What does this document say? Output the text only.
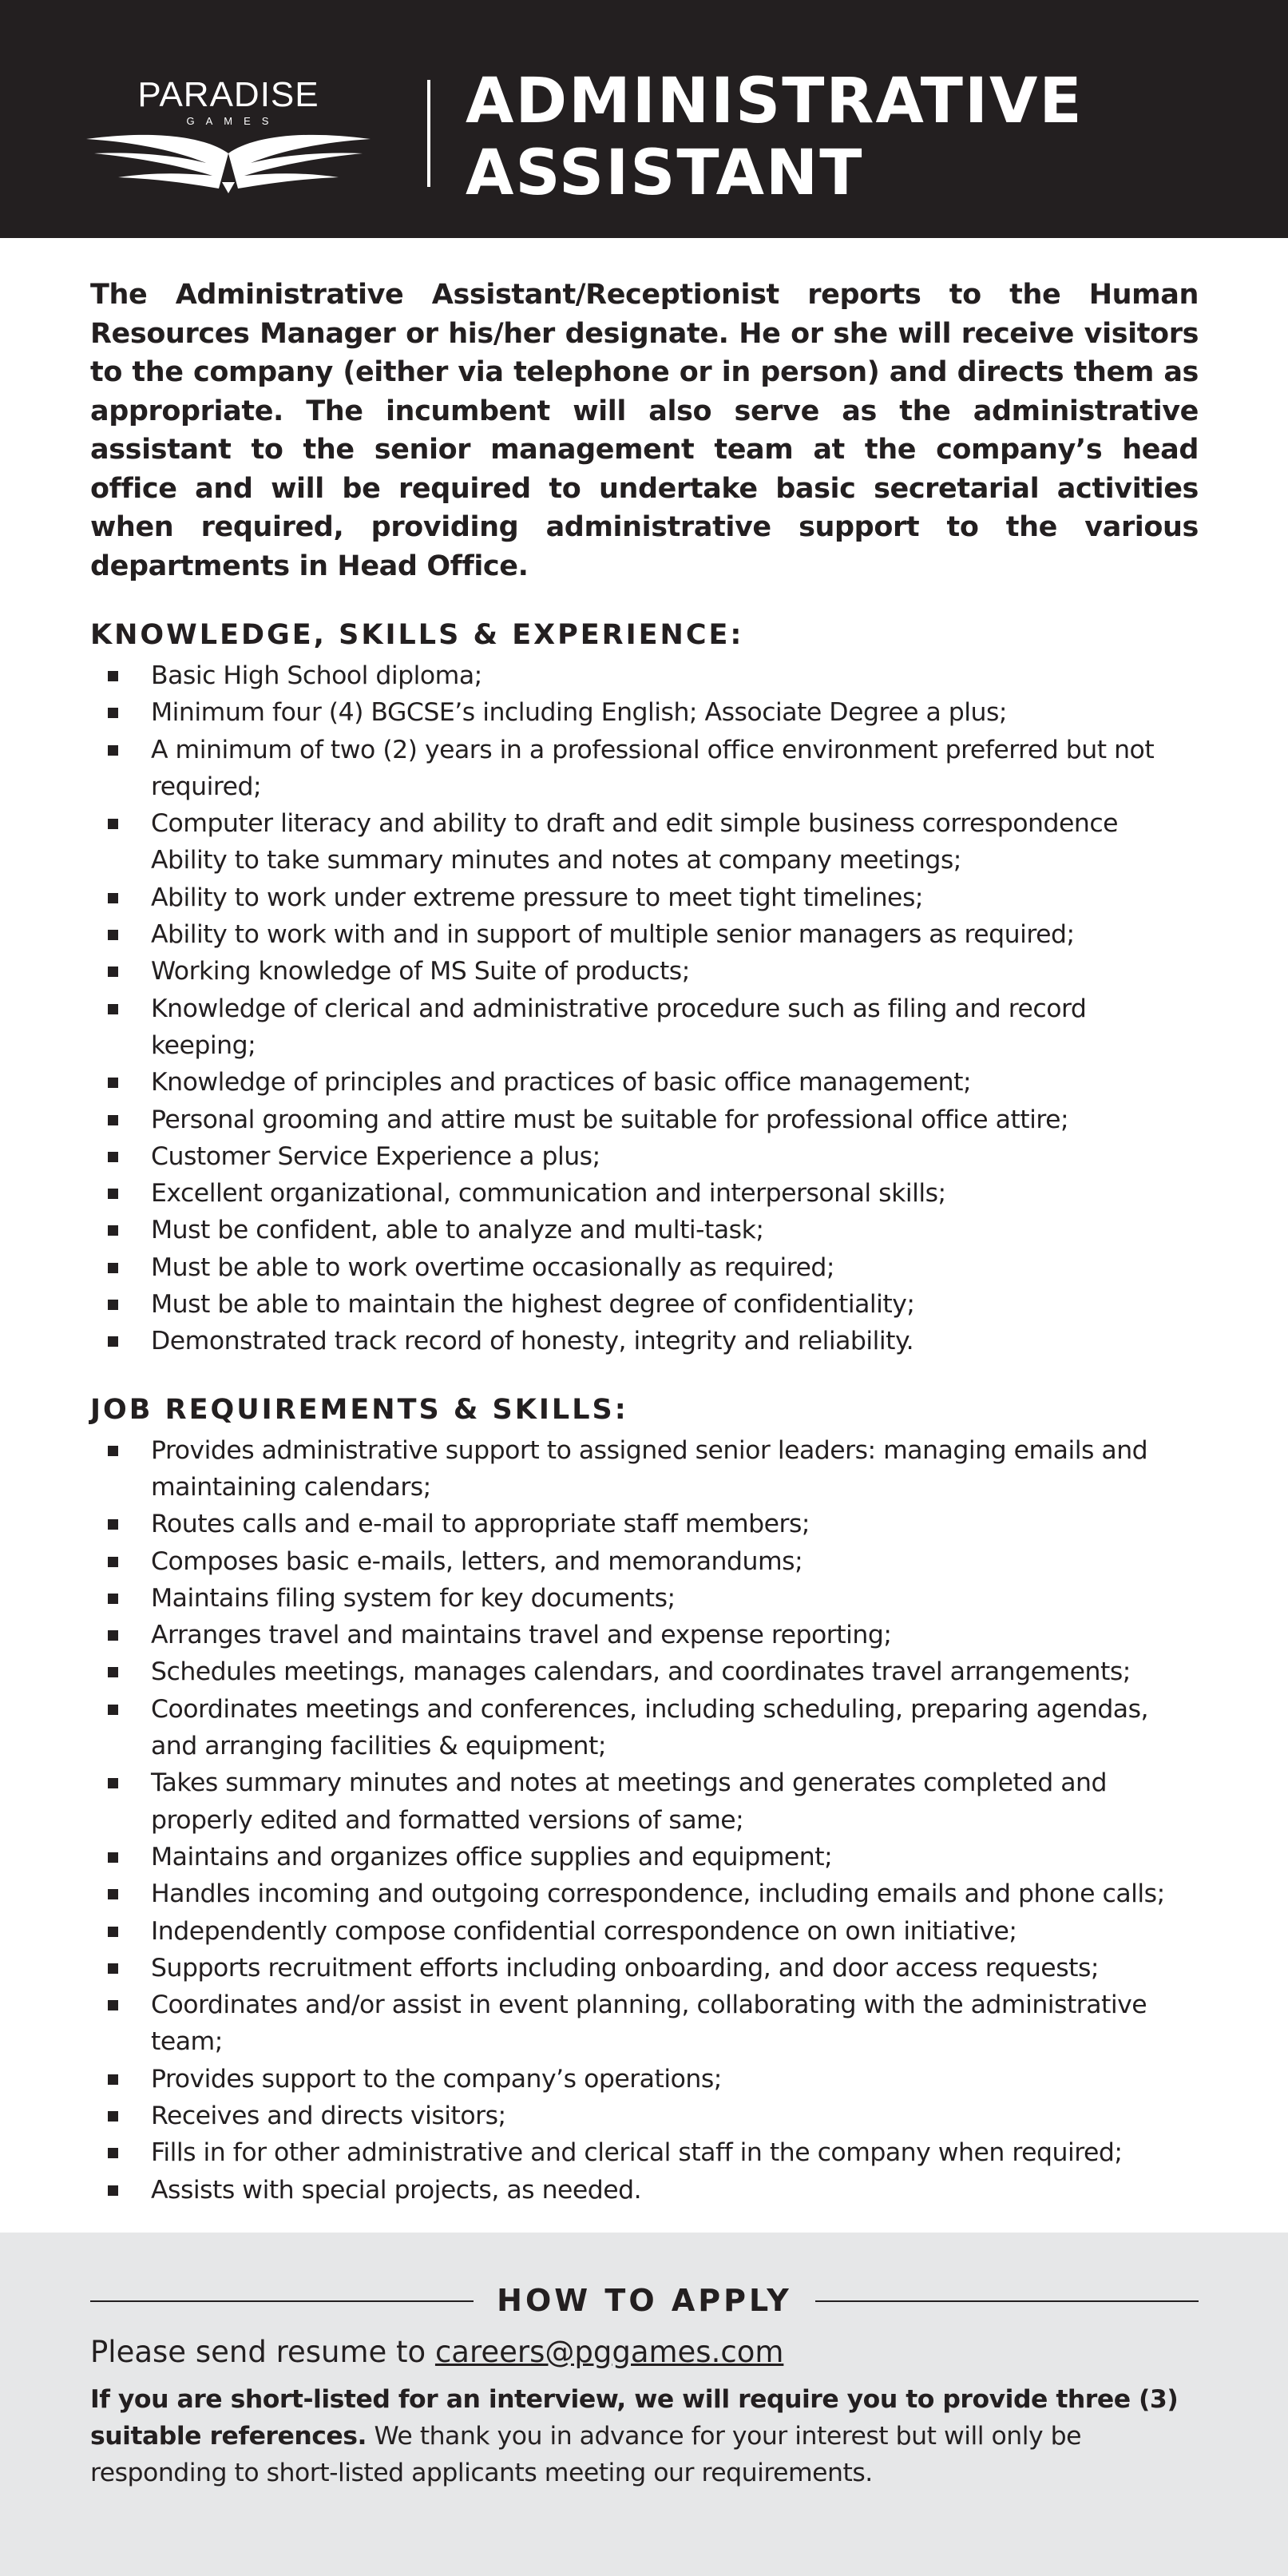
PARADISE
GAMES	ADMINISTRATIVE
ASSISTANT

The Administrative Assistant/Receptionist reports to the Human Resources Manager or his/her designate. He or she will receive visitors to the company (either via telephone or in person) and directs them as appropriate. The incumbent will also serve as the administrative assistant to the senior management team at the company’s head office and will be required to undertake basic secretarial activities when required, providing administrative support to the various departments in Head Office.

KNOWLEDGE, SKILLS & EXPERIENCE:
Basic High School diploma;
Minimum four (4) BGCSE’s including English; Associate Degree a plus;
A minimum of two (2) years in a professional office environment preferred but not required;
Computer literacy and ability to draft and edit simple business correspondence Ability to take summary minutes and notes at company meetings;
Ability to work under extreme pressure to meet tight timelines;
Ability to work with and in support of multiple senior managers as required;
Working knowledge of MS Suite of products;
Knowledge of clerical and administrative procedure such as filing and record keeping;
Knowledge of principles and practices of basic office management;
Personal grooming and attire must be suitable for professional office attire;
Customer Service Experience a plus;
Excellent organizational, communication and interpersonal skills;
Must be confident, able to analyze and multi-task;
Must be able to work overtime occasionally as required;
Must be able to maintain the highest degree of confidentiality;
Demonstrated track record of honesty, integrity and reliability.
JOB REQUIREMENTS & SKILLS:
Provides administrative support to assigned senior leaders: managing emails and maintaining calendars;
Routes calls and e-mail to appropriate staff members;
Composes basic e-mails, letters, and memorandums;
Maintains filing system for key documents;
Arranges travel and maintains travel and expense reporting;
Schedules meetings, manages calendars, and coordinates travel arrangements;
Coordinates meetings and conferences, including scheduling, preparing agendas, and arranging facilities & equipment;
Takes summary minutes and notes at meetings and generates completed and properly edited and formatted versions of same;
Maintains and organizes office supplies and equipment;
Handles incoming and outgoing correspondence, including emails and phone calls;
Independently compose confidential correspondence on own initiative;
Supports recruitment efforts including onboarding, and door access requests;
Coordinates and/or assist in event planning, collaborating with the administrative team;
Provides support to the company’s operations;
Receives and directs visitors;
Fills in for other administrative and clerical staff in the company when required;
Assists with special projects, as needed.
HOW TO APPLY
Please send resume to careers@pggames.com

If you are short-listed for an interview, we will require you to provide three (3) suitable references. We thank you in advance for your interest but will only be responding to short-listed applicants meeting our requirements.
